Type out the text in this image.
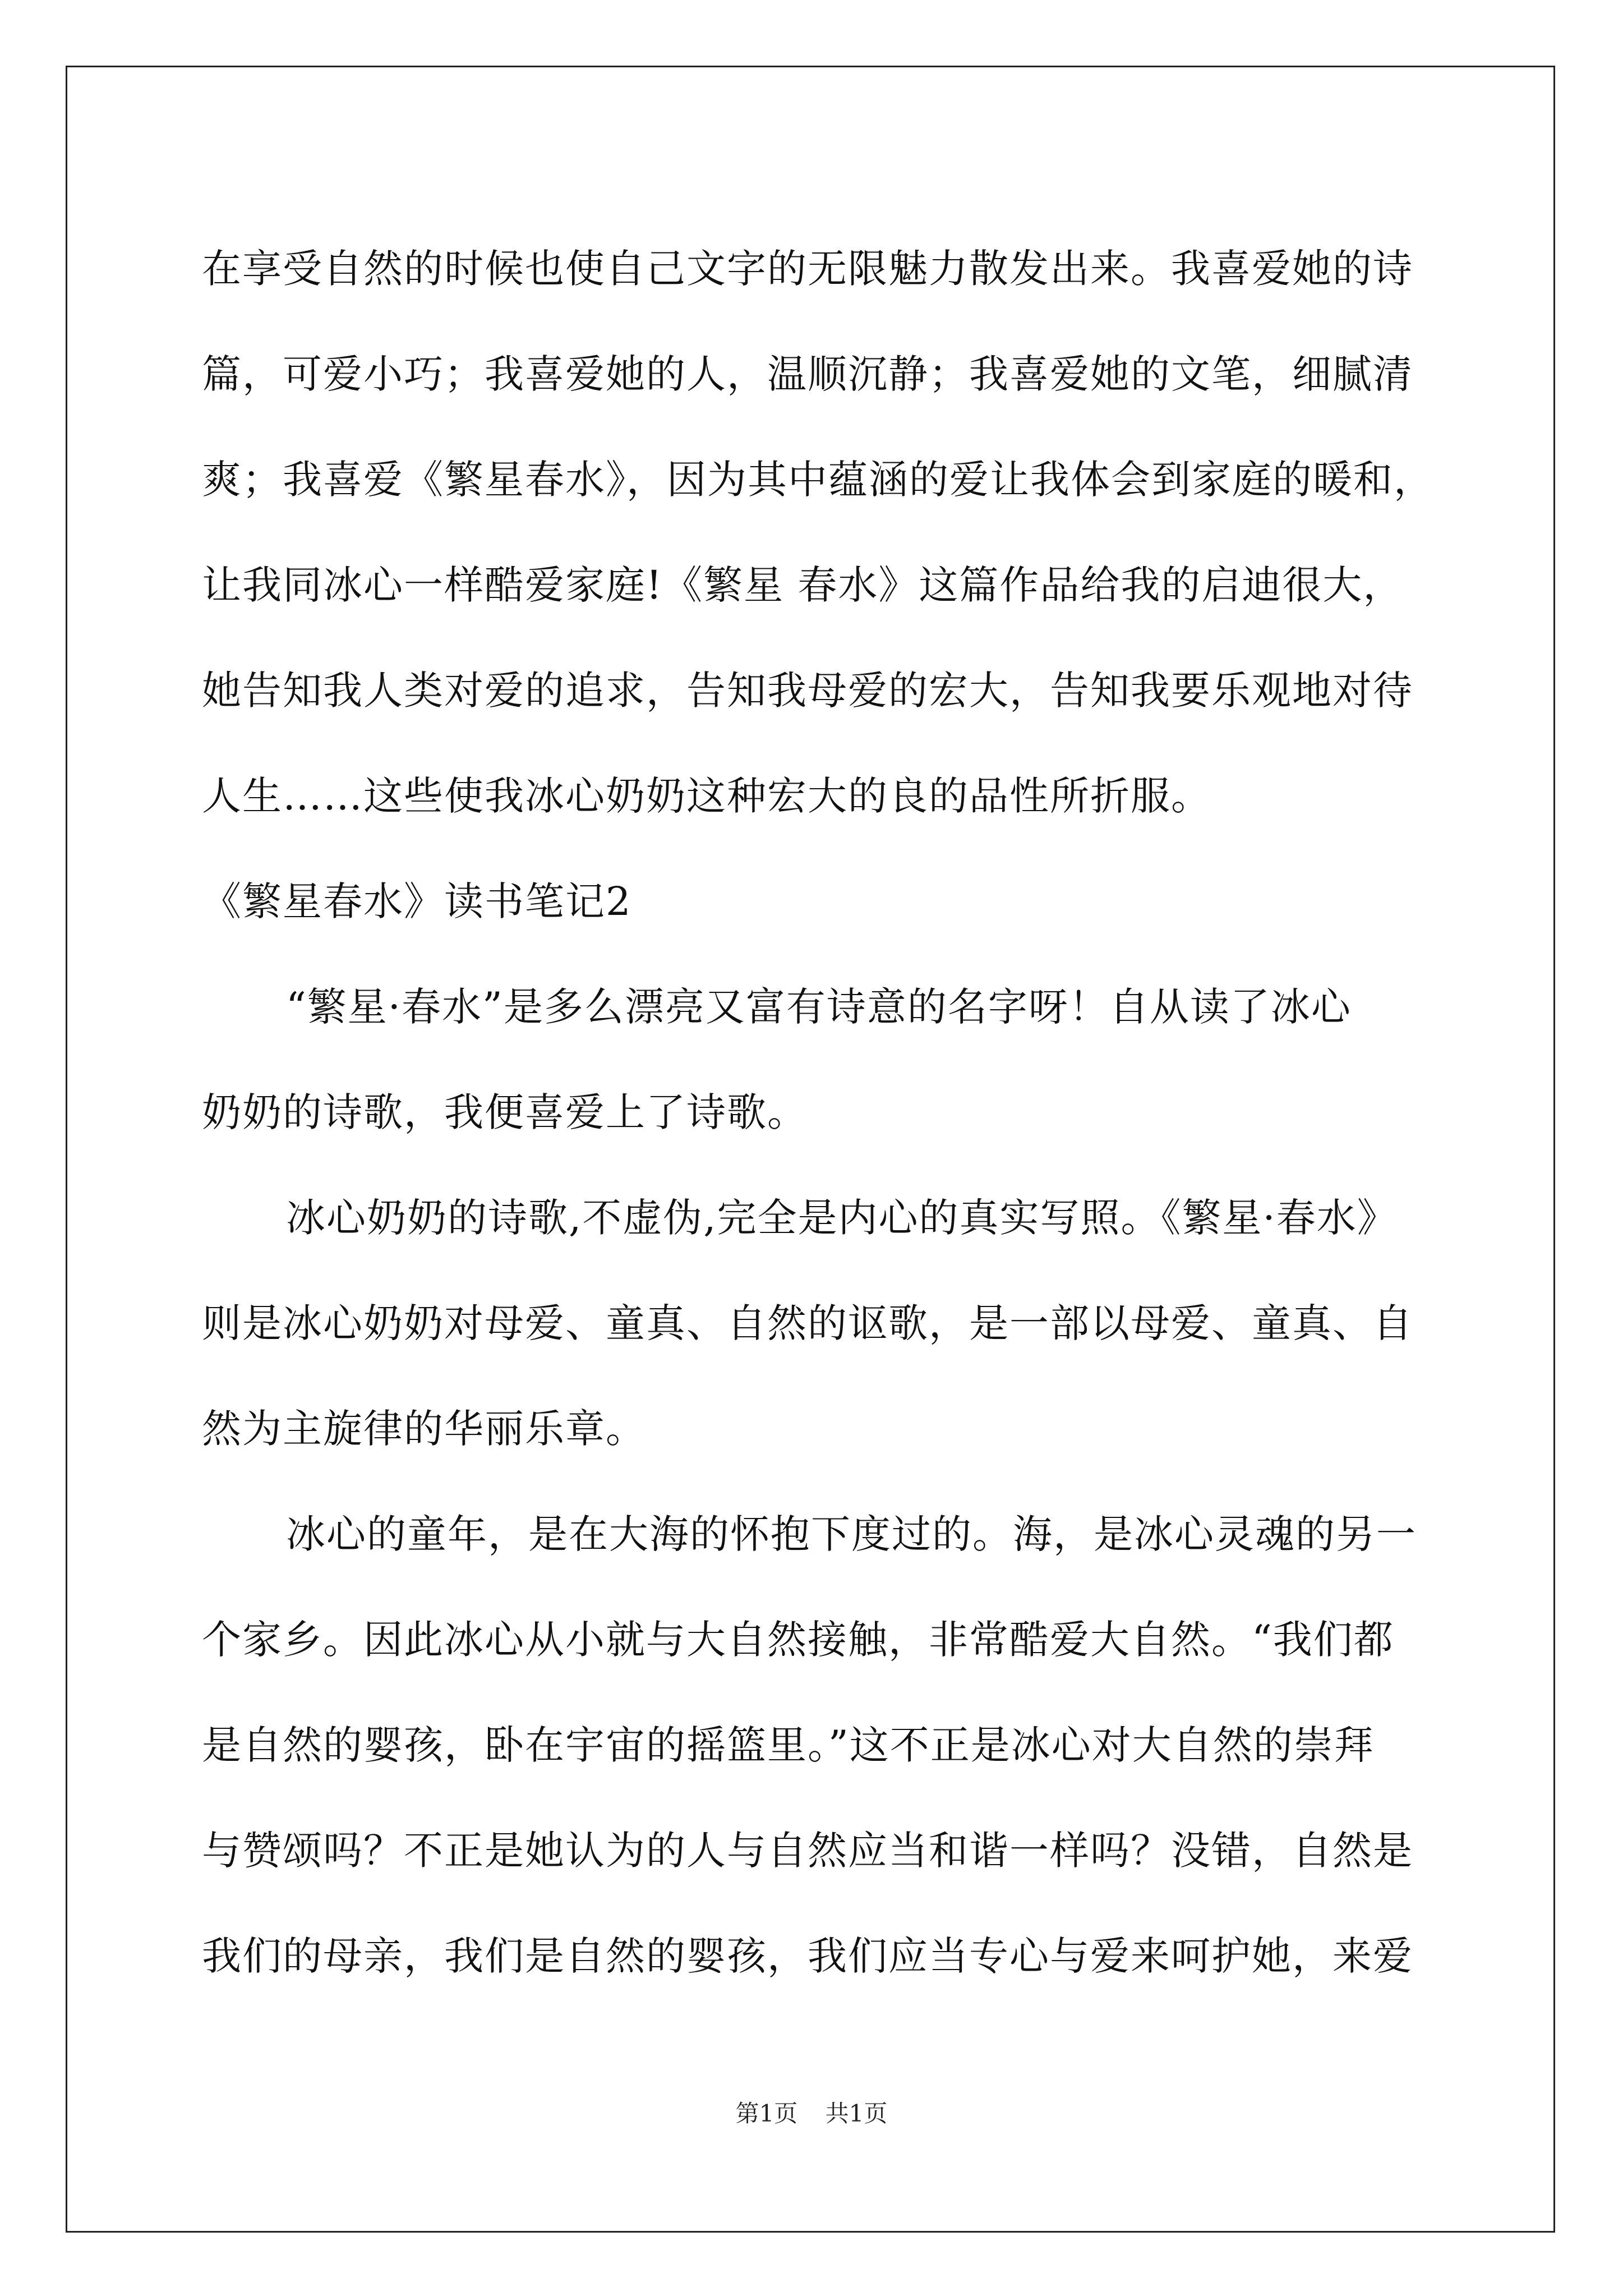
在享受自然的时候也使自己文字的无限魅力散发出来。我喜爱她的诗
篇，可爱小巧；我喜爱她的人，温顺沉静；我喜爱她的文笔，细腻清
爽；我喜爱《繁星春水》，因为其中蕴涵的爱让我体会到家庭的暖和，
让我同冰心一样酷爱家庭!《繁星 春水》这篇作品给我的启迪很大，
她告知我人类对爱的追求，告知我母爱的宏大，告知我要乐观地对待
人生……这些使我冰心奶奶这种宏大的良的品性所折服。
《繁星春水》读书笔记2
“繁星·春水”是多么漂亮又富有诗意的名字呀！自从读了冰心
奶奶的诗歌，我便喜爱上了诗歌。
冰心奶奶的诗歌,不虚伪,完全是内心的真实写照。《繁星·春水》
则是冰心奶奶对母爱、童真、自然的讴歌，是一部以母爱、童真、自
然为主旋律的华丽乐章。
冰心的童年，是在大海的怀抱下度过的。海，是冰心灵魂的另一
个家乡。因此冰心从小就与大自然接触，非常酷爱大自然。“我们都
是自然的婴孩，卧在宇宙的摇篮里。”这不正是冰心对大自然的崇拜
与赞颂吗？不正是她认为的人与自然应当和谐一样吗？没错，自然是
我们的母亲，我们是自然的婴孩，我们应当专心与爱来呵护她，来爱
第1页 共1页
